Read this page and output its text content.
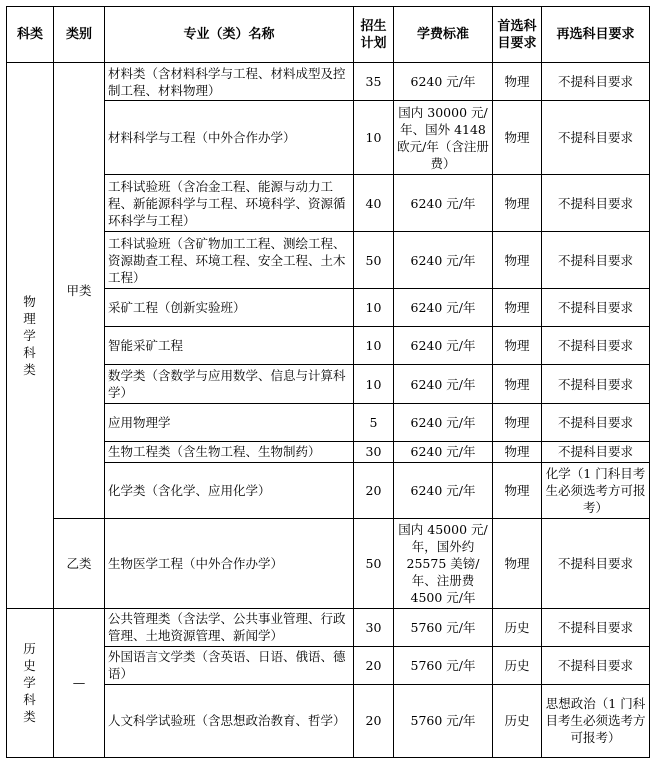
科类	类别	专业（类）名称	招生计划	学费标准	首选科目要求	再选科目要求
物 理 学 科 类	甲类	材料类（含材料科学与工程、材料成型及控制工程、材料物理）	35	6240 元/年	物理	不提科目要求
		材料科学与工程（中外合作办学）	10	国内 30000 元/年、国外 4148 欧元/年（含注册费）	物理	不提科目要求
		工科试验班（含冶金工程、能源与动力工程、新能源科学与工程、环境科学、资源循环科学与工程）	40	6240 元/年	物理	不提科目要求
		工科试验班（含矿物加工工程、测绘工程、资源勘查工程、环境工程、安全工程、土木工程）	50	6240 元/年	物理	不提科目要求
		采矿工程（创新实验班）	10	6240 元/年	物理	不提科目要求
		智能采矿工程	10	6240 元/年	物理	不提科目要求
		数学类（含数学与应用数学、信息与计算科学）	10	6240 元/年	物理	不提科目要求
		应用物理学	5	6240 元/年	物理	不提科目要求
		生物工程类（含生物工程、生物制药）	30	6240 元/年	物理	不提科目要求
		化学类（含化学、应用化学）	20	6240 元/年	物理	化学（1 门科目考生必须选考方可报考）
	乙类	生物医学工程（中外合作办学）	50	国内 45000 元/年，国外约 25575 美镑/年、注册费 4500 元/年	物理	不提科目要求
历史 学科 类	—	公共管理类（含法学、公共事业管理、行政管理、土地资源管理、新闻学）	30	5760 元/年	历史	不提科目要求
		外国语言文学类（含英语、日语、俄语、德语）	20	5760 元/年	历史	不提科目要求
		人文科学试验班（含思想政治教育、哲学）	20	5760 元/年	历史	思想政治（1 门科目考生必须选考方可报考）
